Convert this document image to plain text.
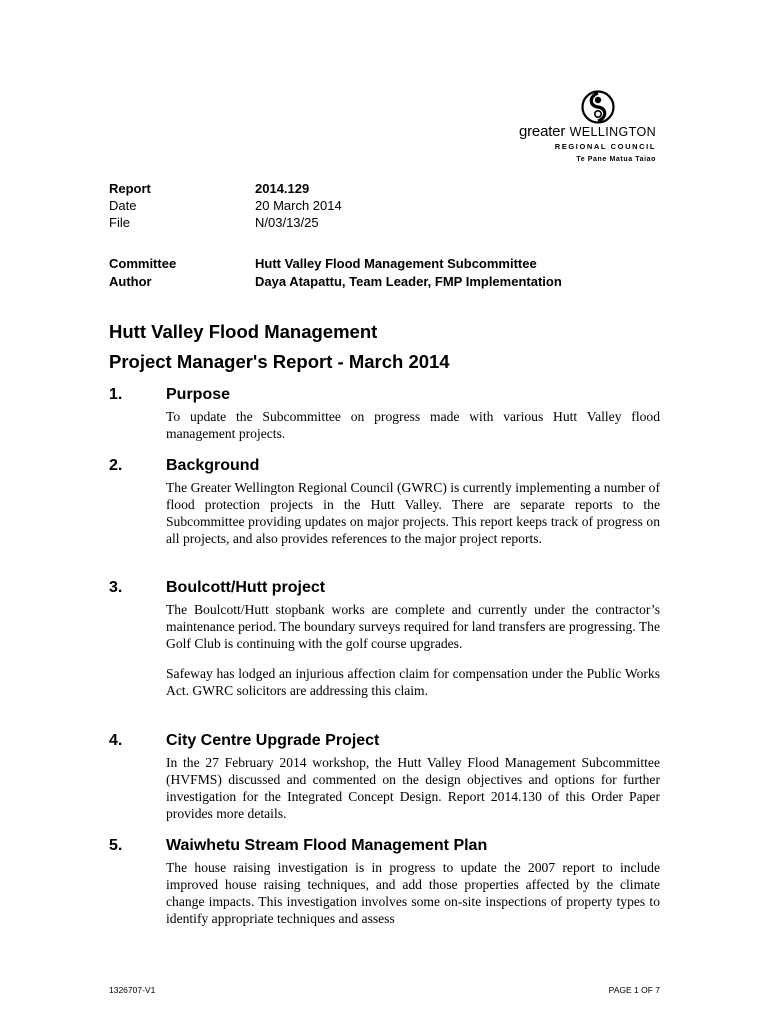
greater WELLINGTON
REGIONAL COUNCIL
Te Pane Matua Taiao
Report	2014.129
Date	20 March 2014
File	N/03/13/25
Committee	Hutt Valley Flood Management Subcommittee
Author	Daya Atapattu, Team Leader, FMP Implementation
Hutt Valley Flood Management
Project Manager's Report - March 2014
1.	Purpose

To update the Subcommittee on progress made with various Hutt Valley flood management projects.

2.	Background

The Greater Wellington Regional Council (GWRC) is currently implementing a number of flood protection projects in the Hutt Valley. There are separate reports to the Subcommittee providing updates on major projects. This report keeps track of progress on all projects, and also provides references to the major project reports.

3.	Boulcott/Hutt project

The Boulcott/Hutt stopbank works are complete and currently under the contractor’s maintenance period. The boundary surveys required for land transfers are progressing. The Golf Club is continuing with the golf course upgrades.

Safeway has lodged an injurious affection claim for compensation under the Public Works Act. GWRC solicitors are addressing this claim.

4.	City Centre Upgrade Project

In the 27 February 2014 workshop, the Hutt Valley Flood Management Subcommittee (HVFMS) discussed and commented on the design objectives and options for further investigation for the Integrated Concept Design. Report 2014.130 of this Order Paper provides more details.

5.	Waiwhetu Stream Flood Management Plan

The house raising investigation is in progress to update the 2007 report to include improved house raising techniques, and add those properties affected by the climate change impacts. This investigation involves some on-site inspections of property types to identify appropriate techniques and assess

1326707-V1	PAGE 1 OF 7
